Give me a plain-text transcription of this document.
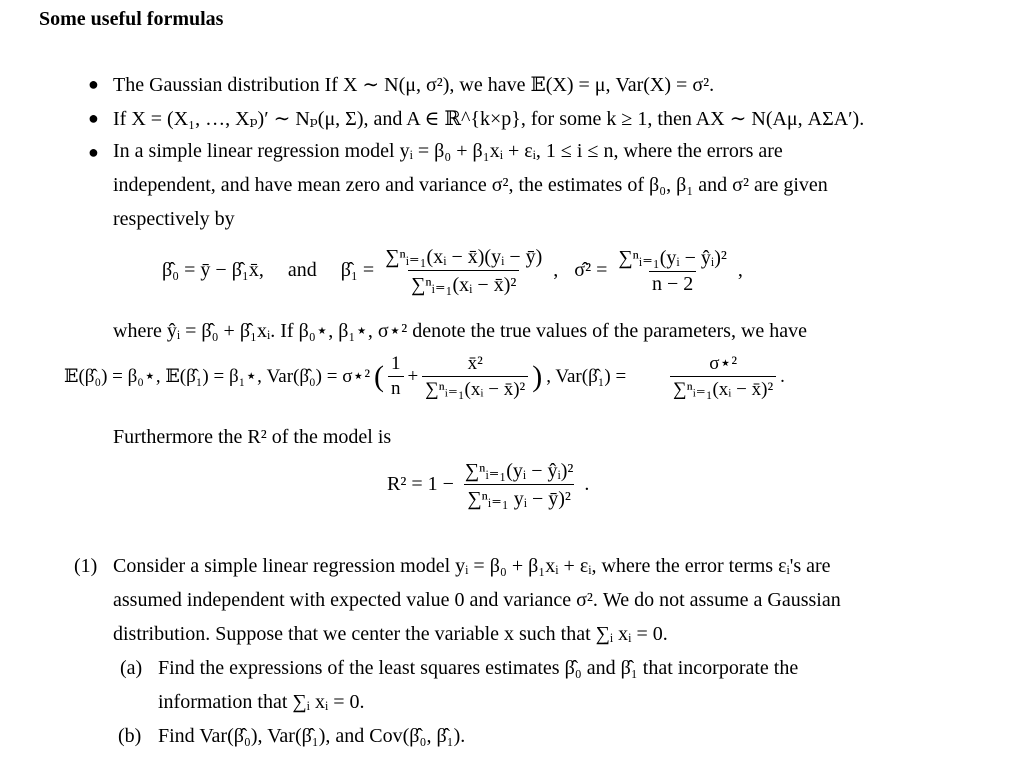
Some useful formulas
● The Gaussian distribution If X ∼ N(μ, σ²), we have 𝔼(X) = μ, Var(X) = σ².
● If X = (X₁, …, Xₚ)′ ∼ Nₚ(μ, Σ), and A ∈ ℝ^{k×p}, for some k ≥ 1, then AX ∼ N(Aμ, AΣA′).
● In a simple linear regression model yᵢ = β₀ + β₁xᵢ + εᵢ, 1 ≤ i ≤ n, where the errors are
independent, and have mean zero and variance σ², the estimates of β₀, β₁ and σ² are given
respectively by
β̂₀ = ȳ − β̂₁x̄, and β̂₁ = $\frac{\text{∑ⁿᵢ₌₁(xᵢ − x̄)(yᵢ − ȳ)}}{\text{∑ⁿᵢ₌₁(xᵢ − x̄)²}}$ , σ̂² = $\frac{\text{∑ⁿᵢ₌₁(yᵢ − ŷᵢ)²}}{n - 2}$ ,
where ŷᵢ = β̂₀ + β̂₁xᵢ. If β₀⋆, β₁⋆, σ⋆² denote the true values of the parameters, we have
𝔼(β̂₀) = β₀⋆, 𝔼(β̂₁) = β₁⋆, Var(β̂₀) = σ⋆² ( $\frac{1}{n} + \frac{\text{x̄²}}{\text{∑ⁿᵢ₌₁(xᵢ − x̄)²}}$ ) , Var(β̂₁) = $\frac{\text{σ⋆²}}{\text{∑ⁿᵢ₌₁(xᵢ − x̄)²}}$ .
Furthermore the R² of the model is
$R^2 = 1 - \frac{\text{∑ⁿᵢ₌₁(yᵢ − ŷᵢ)²}}{\text{∑ⁿᵢ₌₁ yᵢ − ȳ)²}}$ .
(1) Consider a simple linear regression model yᵢ = β₀ + β₁xᵢ + εᵢ, where the error terms εᵢ's are
assumed independent with expected value 0 and variance σ². We do not assume a Gaussian
distribution. Suppose that we center the variable x such that ∑ᵢ xᵢ = 0.
(a) Find the expressions of the least squares estimates β̂₀ and β̂₁ that incorporate the
information that ∑ᵢ xᵢ = 0.
(b) Find Var(β̂₀), Var(β̂₁), and Cov(β̂₀, β̂₁).
